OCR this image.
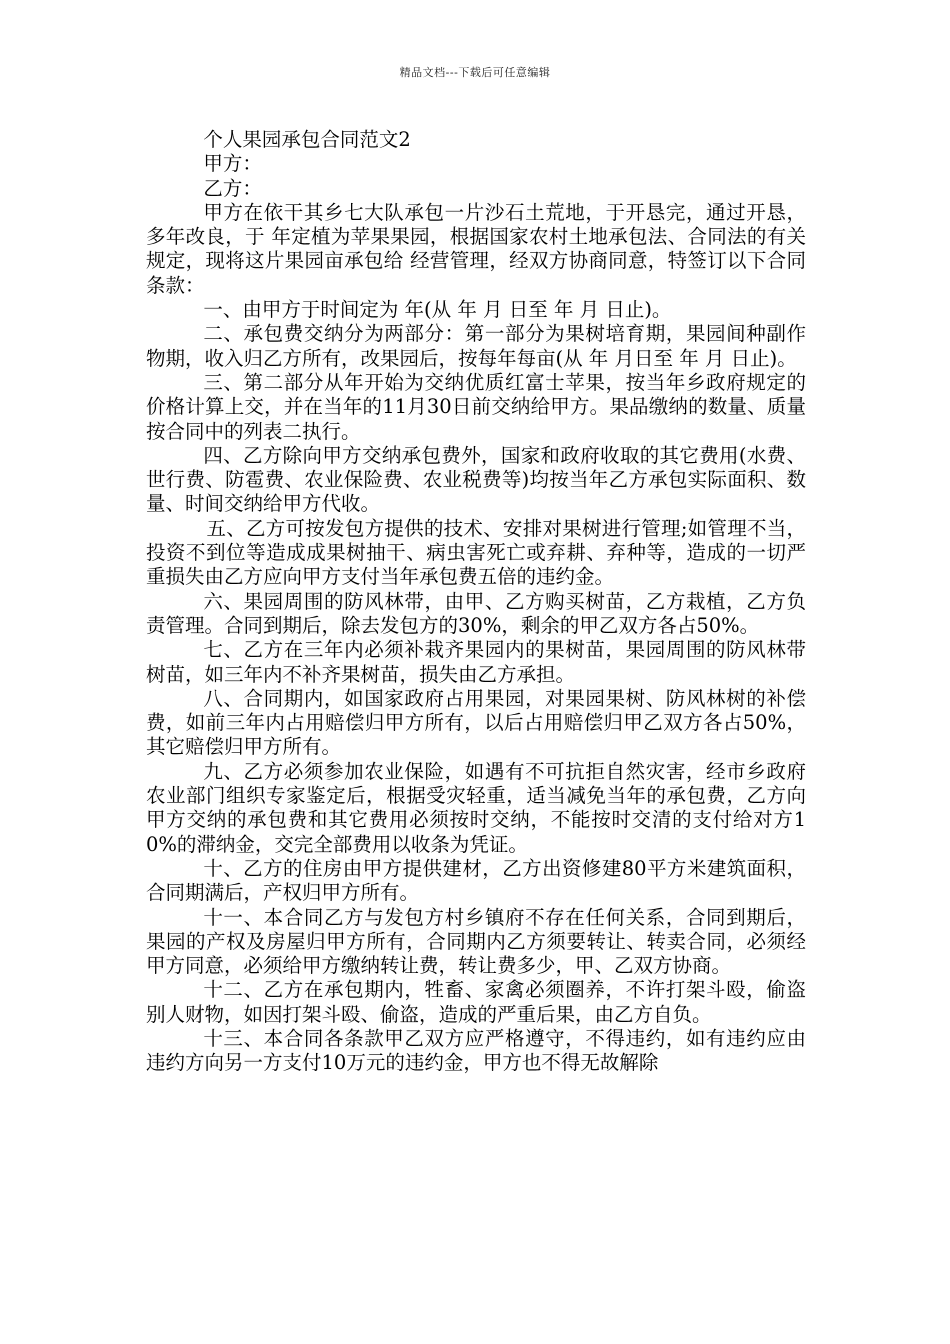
精品文档---下载后可任意编辑

个人果园承包合同范文2

甲方：

乙方：

甲方在依干其乡七大队承包一片沙石土荒地，于开恳完，通过开恳，多年改良，于 年定植为苹果果园，根据国家农村土地承包法、合同法的有关规定，现将这片果园亩承包给 经营管理，经双方协商同意，特签订以下合同条款：

一、由甲方于时间定为 年(从 年 月 日至 年 月 日止)。

二、承包费交纳分为两部分：第一部分为果树培育期，果园间种副作物期，收入归乙方所有，改果园后，按每年每亩(从 年 月日至 年 月 日止)。

三、第二部分从年开始为交纳优质红富士苹果，按当年乡政府规定的价格计算上交，并在当年的11月30日前交纳给甲方。果品缴纳的数量、质量按合同中的列表二执行。

四、乙方除向甲方交纳承包费外，国家和政府收取的其它费用(水费、世行费、防雹费、农业保险费、农业税费等)均按当年乙方承包实际面积、数量、时间交纳给甲方代收。

五、乙方可按发包方提供的技术、安排对果树进行管理;如管理不当，投资不到位等造成成果树抽干、病虫害死亡或弃耕、弃种等，造成的一切严重损失由乙方应向甲方支付当年承包费五倍的违约金。

六、果园周围的防风林带，由甲、乙方购买树苗，乙方栽植，乙方负责管理。合同到期后，除去发包方的30%，剩余的甲乙双方各占50%。

七、乙方在三年内必须补栽齐果园内的果树苗，果园周围的防风林带树苗，如三年内不补齐果树苗，损失由乙方承担。

八、合同期内，如国家政府占用果园，对果园果树、防风林树的补偿费，如前三年内占用赔偿归甲方所有，以后占用赔偿归甲乙双方各占50%，其它赔偿归甲方所有。

九、乙方必须参加农业保险，如遇有不可抗拒自然灾害，经市乡政府农业部门组织专家鉴定后，根据受灾轻重，适当减免当年的承包费，乙方向甲方交纳的承包费和其它费用必须按时交纳，不能按时交清的支付给对方10%的滞纳金，交完全部费用以收条为凭证。

十、乙方的住房由甲方提供建材，乙方出资修建80平方米建筑面积，合同期满后，产权归甲方所有。

十一、本合同乙方与发包方村乡镇府不存在任何关系，合同到期后，果园的产权及房屋归甲方所有，合同期内乙方须要转让、转卖合同，必须经甲方同意，必须给甲方缴纳转让费，转让费多少，甲、乙双方协商。

十二、乙方在承包期内，牲畜、家禽必须圈养，不许打架斗殴，偷盗别人财物，如因打架斗殴、偷盗，造成的严重后果，由乙方自负。

十三、本合同各条款甲乙双方应严格遵守，不得违约，如有违约应由违约方向另一方支付10万元的违约金，甲方也不得无故解除
